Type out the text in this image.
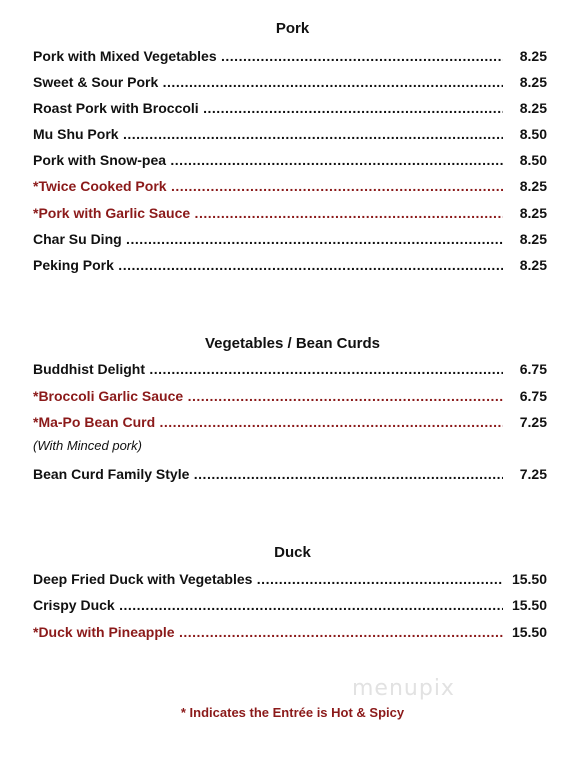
Pork
Pork with Mixed Vegetables .....	8.25
Sweet & Sour Pork .....	8.25
Roast Pork with Broccoli .....	8.25
Mu Shu Pork .....	8.50
Pork with Snow-pea .....	8.50
*Twice Cooked Pork .....	8.25
*Pork with Garlic Sauce .....	8.25
Char Su Ding .....	8.25
Peking Pork .....	8.25
Vegetables / Bean Curds
Buddhist Delight .....	6.75
*Broccoli Garlic Sauce .....	6.75
*Ma-Po Bean Curd .....	7.25
(With Minced pork)
Bean Curd Family Style .....	7.25
Duck
Deep Fried Duck with Vegetables .....	15.50
Crispy Duck .....	15.50
*Duck with Pineapple .....	15.50
menupix
* Indicates the Entrée is Hot & Spicy
